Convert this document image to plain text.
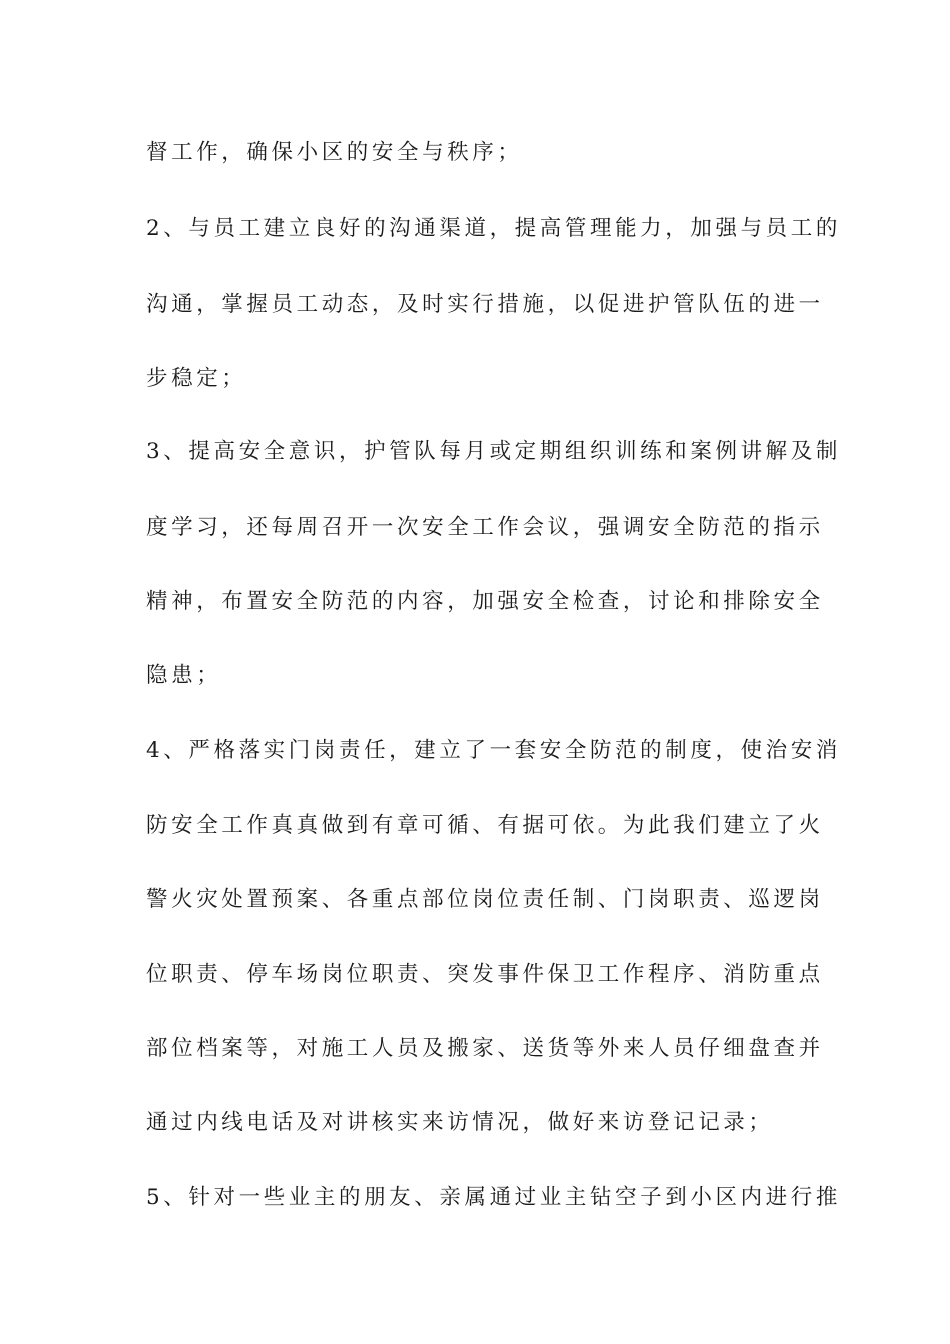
督工作，确保小区的安全与秩序；
2、与员工建立良好的沟通渠道，提高管理能力，加强与员工的
沟通，掌握员工动态，及时实行措施，以促进护管队伍的进一
步稳定；
3、提高安全意识，护管队每月或定期组织训练和案例讲解及制
度学习，还每周召开一次安全工作会议，强调安全防范的指示
精神，布置安全防范的内容，加强安全检查，讨论和排除安全
隐患；
4、严格落实门岗责任，建立了一套安全防范的制度，使治安消
防安全工作真真做到有章可循、有据可依。为此我们建立了火
警火灾处置预案、各重点部位岗位责任制、门岗职责、巡逻岗
位职责、停车场岗位职责、突发事件保卫工作程序、消防重点
部位档案等，对施工人员及搬家、送货等外来人员仔细盘查并
通过内线电话及对讲核实来访情况，做好来访登记记录；
5、针对一些业主的朋友、亲属通过业主钻空子到小区内进行推
